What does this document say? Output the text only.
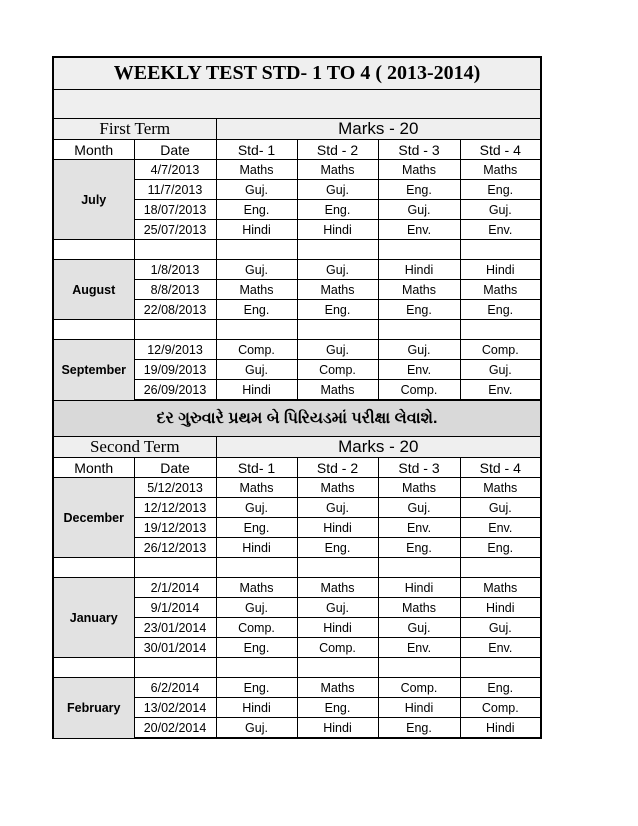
WEEKLY TEST STD- 1 TO 4 ( 2013-2014)					

First Term		Marks - 20			
Month	Date	Std- 1	Std - 2	Std - 3	Std - 4
July	4/7/2013	Maths	Maths	Maths	Maths
	11/7/2013	Guj.	Guj.	Eng.	Eng.
	18/07/2013	Eng.	Eng.	Guj.	Guj.
	25/07/2013	Hindi	Hindi	Env.	Env.

August	1/8/2013	Guj.	Guj.	Hindi	Hindi
	8/8/2013	Maths	Maths	Maths	Maths
	22/08/2013	Eng.	Eng.	Eng.	Eng.

September	12/9/2013	Comp.	Guj.	Guj.	Comp.
	19/09/2013	Guj.	Comp.	Env.	Guj.
	26/09/2013	Hindi	Maths	Comp.	Env.
દર ગુરુવારે પ્રથમ બે પિરિયડમાં પરીક્ષા લેવાશે.					
Second Term		Marks - 20			
Month	Date	Std- 1	Std - 2	Std - 3	Std - 4
December	5/12/2013	Maths	Maths	Maths	Maths
	12/12/2013	Guj.	Guj.	Guj.	Guj.
	19/12/2013	Eng.	Hindi	Env.	Env.
	26/12/2013	Hindi	Eng.	Eng.	Eng.

January	2/1/2014	Maths	Maths	Hindi	Maths
	9/1/2014	Guj.	Guj.	Maths	Hindi
	23/01/2014	Comp.	Hindi	Guj.	Guj.
	30/01/2014	Eng.	Comp.	Env.	Env.

February	6/2/2014	Eng.	Maths	Comp.	Eng.
	13/02/2014	Hindi	Eng.	Hindi	Comp.
	20/02/2014	Guj.	Hindi	Eng.	Hindi
